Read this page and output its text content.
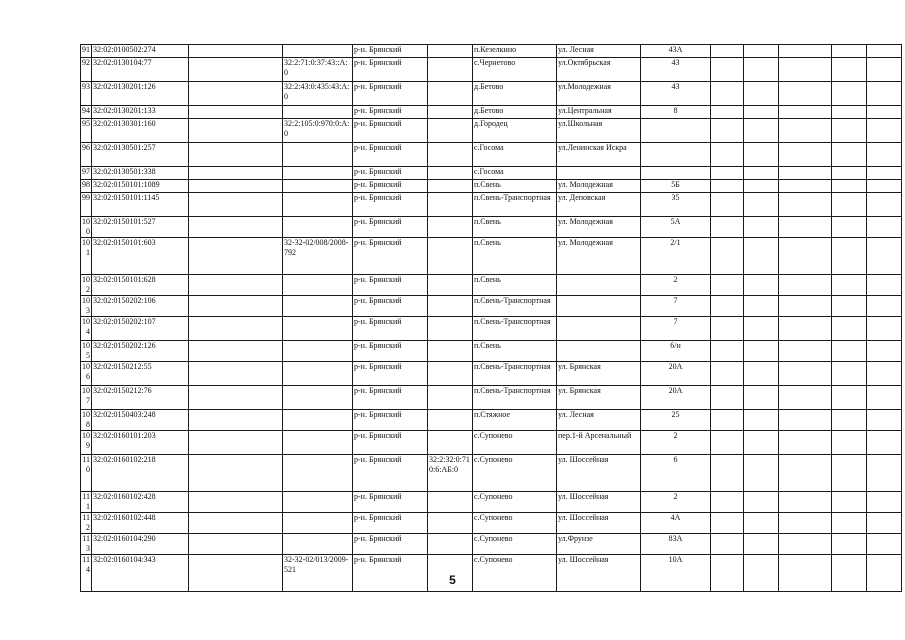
91	32:02:0100502:274			р-н. Брянский		п.Кезелкино	ул. Лесная	43А					
92	32:02:0130104:77		32:2:71:0:37:43::А:0	р-н. Брянский		с.Чернетово	ул.Октябрьская	43					
93	32:02:0130201:126		32:2:43:0:435:43:А:0	р-н. Брянский		д.Бетово	ул.Молодежная	43					
94	32:02:0130201:133			р-н. Брянский		д.Бетово	ул.Центральная	8					
95	32:02:0130301:160		32:2:105:0:970:0:А:0	р-н. Брянский		д.Городец	ул.Школьная						
96	32:02:0130501:257			р-н. Брянский		с.Госома	ул.Ленинская Искра						
97	32:02:0130501:338			р-н. Брянский		с.Госома							
98	32:02:0150101:1089			р-н. Брянский		п.Свень	ул. Молодежная	5Б					
99	32:02:0150101:1145			р-н. Брянский		п.Свень-Транспортная	ул. Деповская	35					
100	32:02:0150101:527			р-н. Брянский		п.Свень	ул. Молодежная	5А					
101	32:02:0150101:603		32-32-02/008/2008-792	р-н. Брянский		п.Свень	ул. Молодежная	2/1					
102	32:02:0150101:628			р-н. Брянский		п.Свень		2					
103	32:02:0150202:106			р-н. Брянский		п.Свень-Транспортная		7					
104	32:02:0150202:107			р-н. Брянский		п.Свень-Транспортная		7					
105	32:02:0150202:126			р-н. Брянский		п.Свень		6/н					
106	32:02:0150212:55			р-н. Брянский		п.Свень-Транспортная	ул. Брянская	20А					
107	32:02:0150212:76			р-н. Брянский		п.Свень-Транспортная	ул. Брянская	20А					
108	32:02:0150403:248			р-н. Брянский		п.Стяжное	ул. Лесная	25					
109	32:02:0160101:203			р-н. Брянский		с.Супонево	пер.1-й Арсенальный	2					
110	32:02:0160102:218			р-н. Брянский	32:2:32:0:710:6:АБ:0	с.Супонево	ул. Шоссейная	6					
111	32:02:0160102:428			р-н. Брянский		с.Супонево	ул. Шоссейная	2					
112	32:02:0160102:448			р-н. Брянский		с.Супонево	ул. Шоссейная	4А					
113	32:02:0160104:290			р-н. Брянский		с.Супонево	ул.Фрунзе	83А					
114	32:02:0160104:343		32-32-02/013/2009-521	р-н. Брянский		с.Супонево	ул. Шоссейная	10А					
5
